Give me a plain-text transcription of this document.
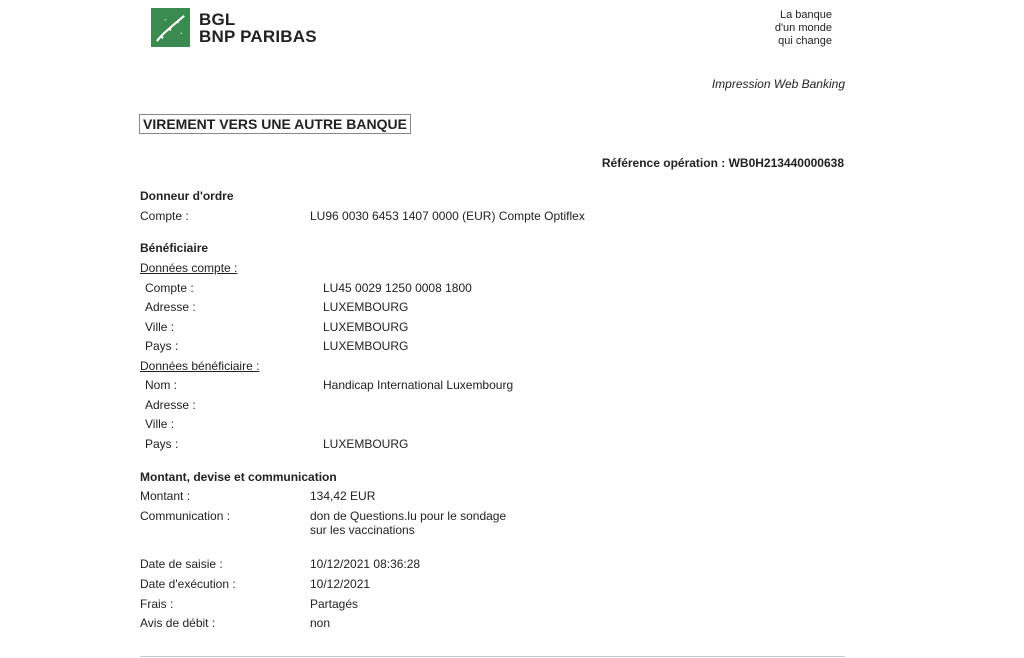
BGL
BNP PARIBAS
La banque
d'un monde
qui change
Impression Web Banking
VIREMENT VERS UNE AUTRE BANQUE
Référence opération : WB0H213440000638
Donneur d'ordre
Compte :	LU96 0030 6453 1407 0000 (EUR) Compte Optiflex
Bénéficiaire
Données compte :
Compte :	LU45 0029 1250 0008 1800
Adresse :	LUXEMBOURG
Ville :	LUXEMBOURG
Pays :	LUXEMBOURG
Données bénéficiaire :
Nom :	Handicap International Luxembourg
Adresse :
Ville :
Pays :	LUXEMBOURG
Montant, devise et communication
Montant :	134,42 EUR
Communication :	don de Questions.lu pour le sondage
sur les vaccinations
Date de saisie :	10/12/2021 08:36:28
Date d'exécution :	10/12/2021
Frais :	Partagés
Avis de débit :	non
